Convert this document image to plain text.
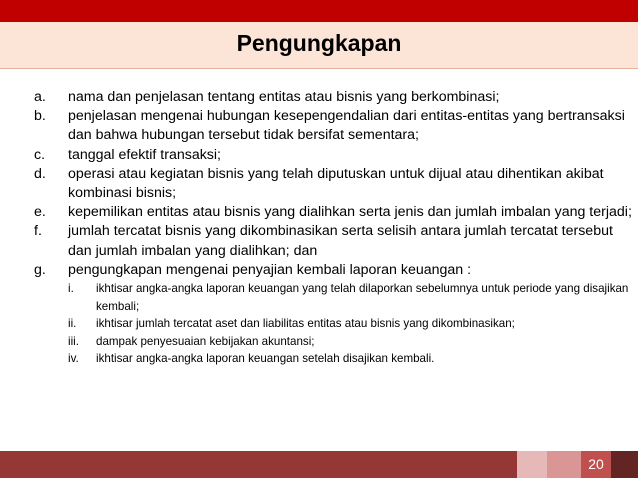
Pengungkapan
a.	nama dan penjelasan tentang entitas atau bisnis yang berkombinasi;
b.	penjelasan mengenai hubungan kesepengendalian dari entitas-entitas yang bertransaksi dan bahwa hubungan tersebut tidak bersifat sementara;
c.	tanggal efektif transaksi;
d.	operasi atau kegiatan bisnis yang telah diputuskan untuk dijual atau dihentikan akibat kombinasi bisnis;
e.	kepemilikan entitas atau bisnis yang dialihkan serta jenis dan jumlah imbalan yang terjadi;
f.	jumlah tercatat bisnis yang dikombinasikan serta selisih antara jumlah tercatat tersebut dan jumlah imbalan yang dialihkan; dan
g.	pengungkapan mengenai penyajian kembali laporan keuangan :
i.	ikhtisar angka-angka laporan keuangan yang telah dilaporkan sebelumnya untuk periode yang disajikan kembali;
ii.	ikhtisar jumlah tercatat aset dan liabilitas entitas atau bisnis yang dikombinasikan;
iii.	dampak penyesuaian kebijakan akuntansi;
iv.	ikhtisar angka-angka laporan keuangan setelah disajikan kembali.
20
